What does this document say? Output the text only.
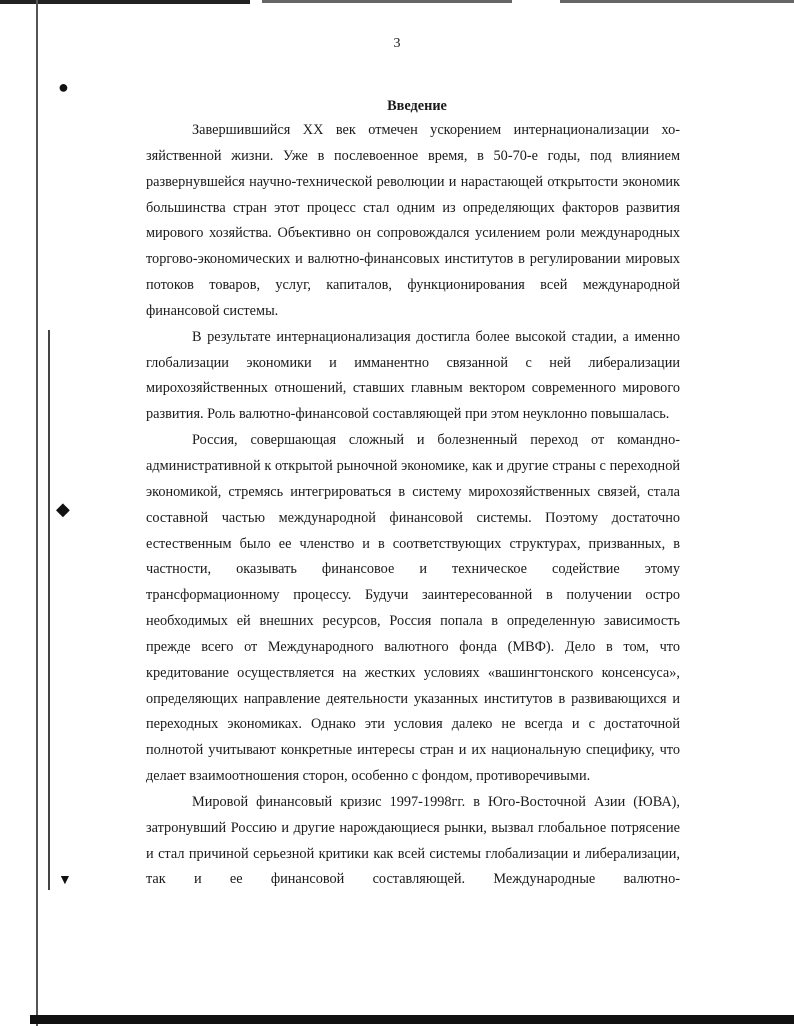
●
◆
▼
3
Введение

Завершившийся XX век отмечен ускорением интернационализации хозяйственной жизни. Уже в послевоенное время, в 50-70-е годы, под влиянием развернувшейся научно-технической революции и нарастающей открытости экономик большинства стран этот процесс стал одним из определяющих факторов развития мирового хозяйства. Объективно он сопровождался усилением роли международных торгово-экономических и валютно-финансовых институтов в регулировании мировых потоков товаров, услуг, капиталов, функционирования всей международной финансовой системы.

В результате интернационализация достигла более высокой стадии, а именно глобализации экономики и имманентно связанной с ней либерализации мирохозяйственных отношений, ставших главным вектором современного мирового развития. Роль валютно-финансовой составляющей при этом неуклонно повышалась.

Россия, совершающая сложный и болезненный переход от командно-административной к открытой рыночной экономике, как и другие страны с переходной экономикой, стремясь интегрироваться в систему мирохозяйственных связей, стала составной частью международной финансовой системы. Поэтому достаточно естественным было ее членство и в соответствующих структурах, призванных, в частности, оказывать финансовое и техническое содействие этому трансформационному процессу. Будучи заинтересованной в получении остро необходимых ей внешних ресурсов, Россия попала в определенную зависимость прежде всего от Международного валютного фонда (МВФ). Дело в том, что кредитование осуществляется на жестких условиях «вашингтонского консенсуса», определяющих направление деятельности указанных институтов в развивающихся и переходных экономиках. Однако эти условия далеко не всегда и с достаточной полнотой учитывают конкретные интересы стран и их национальную специфику, что делает взаимоотношения сторон, особенно с фондом, противоречивыми.

Мировой финансовый кризис 1997-1998гг. в Юго-Восточной Азии (ЮВА), затронувший Россию и другие нарождающиеся рынки, вызвал глобальное потрясение и стал причиной серьезной критики как всей системы глобализации и либерализации, так и ее финансовой составляющей. Международные валютно-
